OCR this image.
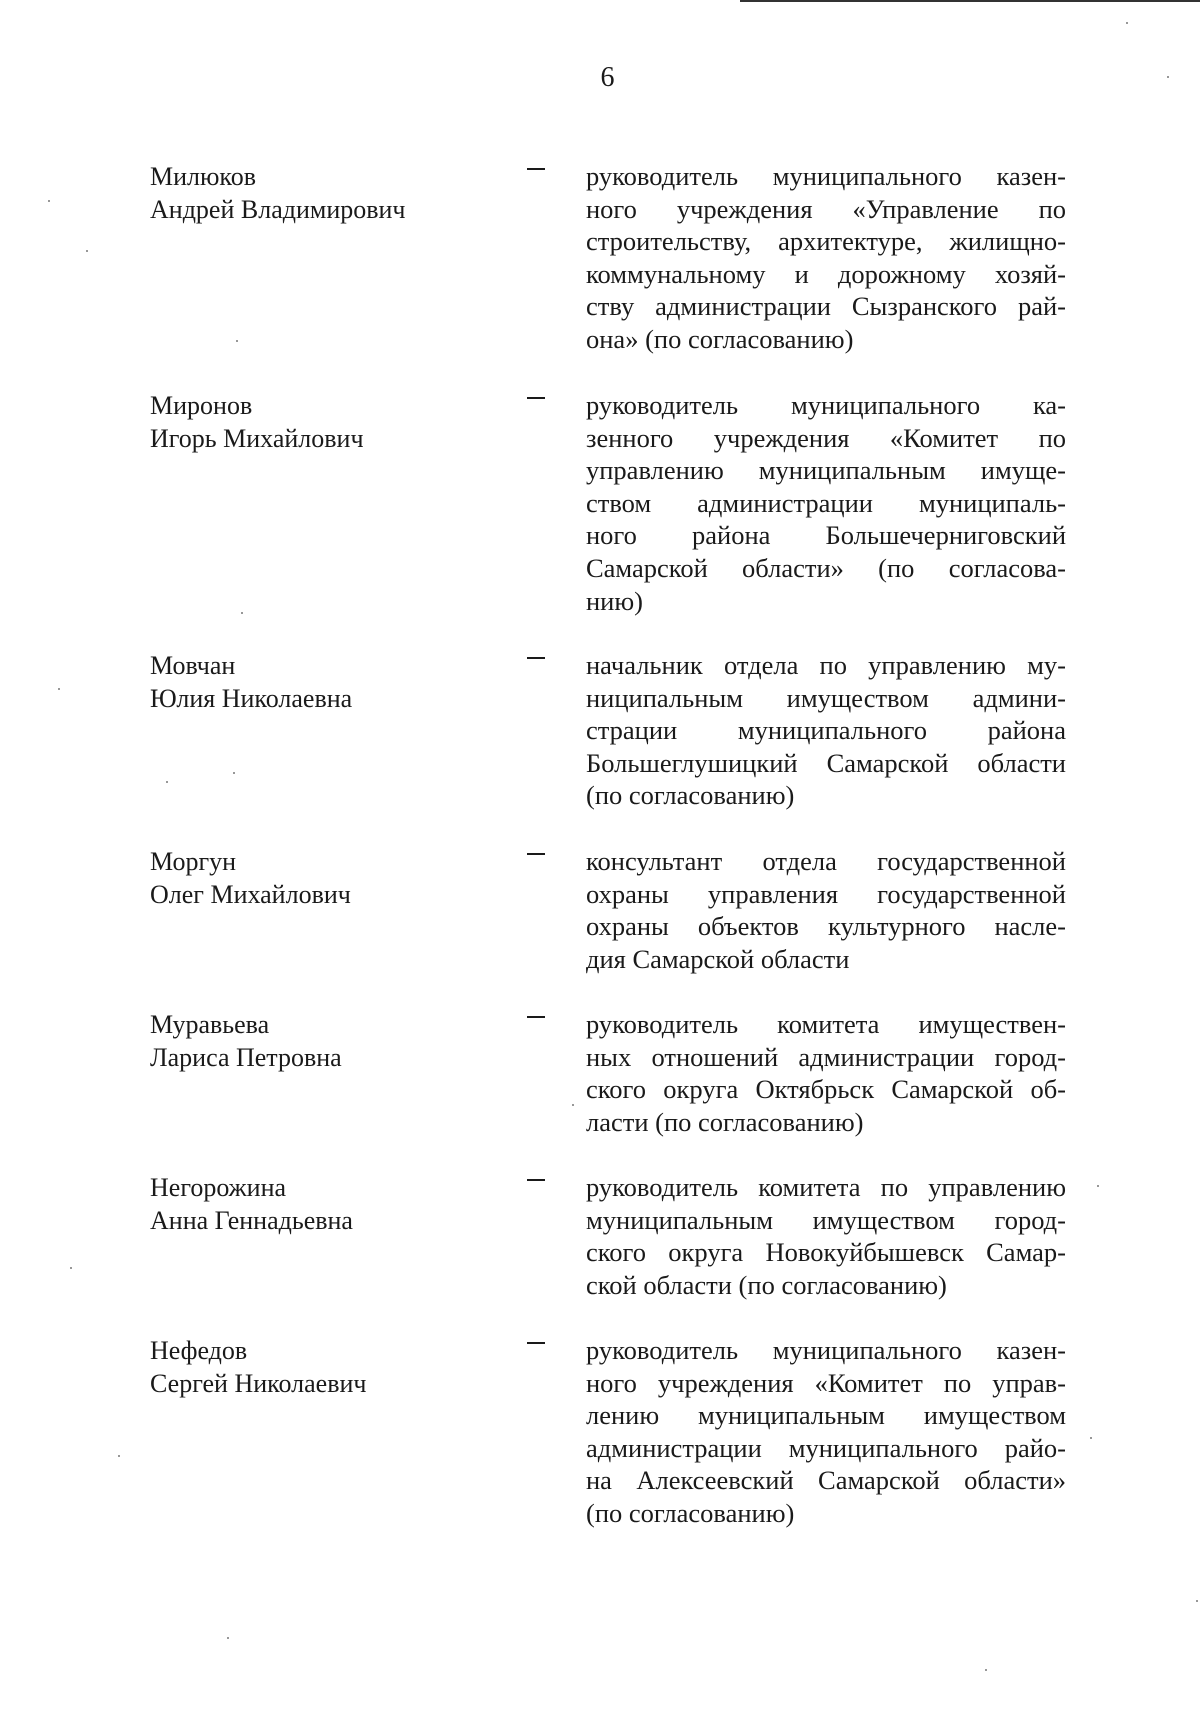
6
Милюков
Андрей Владимирович
руководитель муниципального казен-
ного учреждения «Управление по
строительству, архитектуре, жилищно-
коммунальному и дорожному хозяй-
ству администрации Сызранского рай-
она» (по согласованию)
Миронов
Игорь Михайлович
руководитель муниципального ка-
зенного учреждения «Комитет по
управлению муниципальным имуще-
ством администрации муниципаль-
ного района Большечерниговский
Самарской области» (по согласова-
нию)
Мовчан
Юлия Николаевна
начальник отдела по управлению му-
ниципальным имуществом админи-
страции муниципального района
Большеглушицкий Самарской области
(по согласованию)
Моргун
Олег Михайлович
консультант отдела государственной
охраны управления государственной
охраны объектов культурного насле-
дия Самарской области
Муравьева
Лариса Петровна
руководитель комитета имуществен-
ных отношений администрации город-
ского округа Октябрьск Самарской об-
ласти (по согласованию)
Негорожина
Анна Геннадьевна
руководитель комитета по управлению
муниципальным имуществом город-
ского округа Новокуйбышевск Самар-
ской области (по согласованию)
Нефедов
Сергей Николаевич
руководитель муниципального казен-
ного учреждения «Комитет по управ-
лению муниципальным имуществом
администрации муниципального райо-
на Алексеевский Самарской области»
(по согласованию)
